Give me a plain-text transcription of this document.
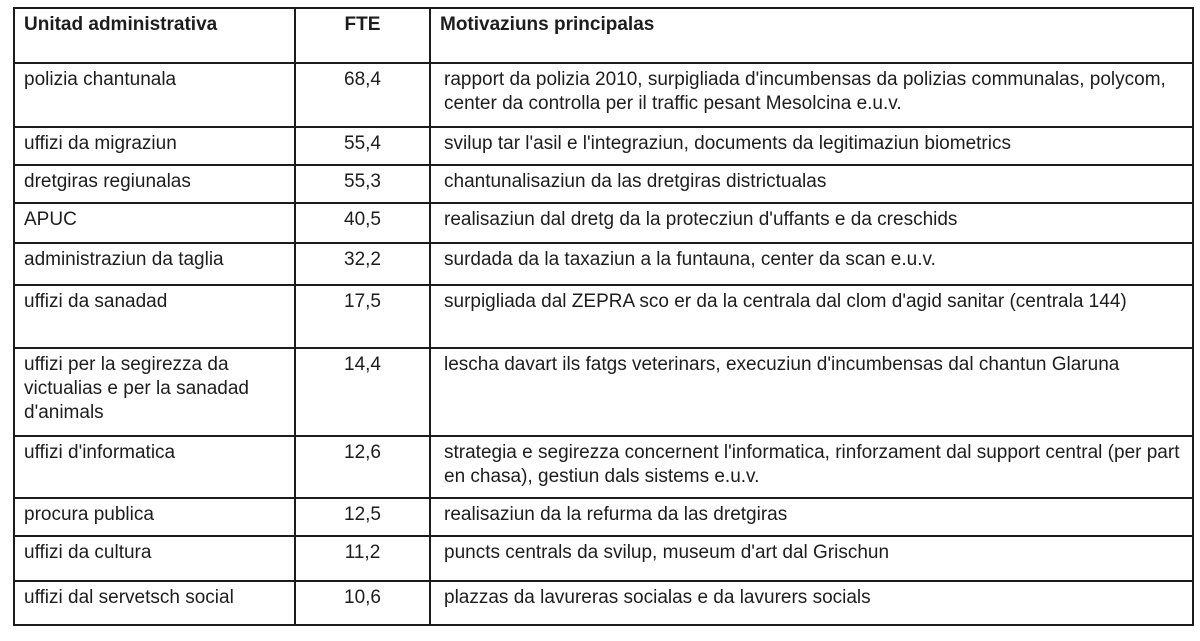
Unitad administrativa	FTE	Motivaziuns principalas
polizia chantunala	68,4	rapport da polizia 2010, surpigliada d'incumbensas da polizias communalas, polycom, center da controlla per il traffic pesant Mesolcina e.u.v.
uffizi da migraziun	55,4	svilup tar l'asil e l'integraziun, documents da legitimaziun biometrics
dretgiras regiunalas	55,3	chantunalisaziun da las dretgiras districtualas
APUC	40,5	realisaziun dal dretg da la protecziun d'uffants e da creschids
administraziun da taglia	32,2	surdada da la taxaziun a la funtauna, center da scan e.u.v.
uffizi da sanadad	17,5	surpigliada dal ZEPRA sco er da la centrala dal clom d'agid sanitar (centrala 144)
uffizi per la segirezza da victualias e per la sanadad d'animals	14,4	lescha davart ils fatgs veterinars, execuziun d'incumbensas dal chantun Glaruna
uffizi d'informatica	12,6	strategia e segirezza concernent l'informatica, rinforzament dal support central (per part en chasa), gestiun dals sistems e.u.v.
procura publica	12,5	realisaziun da la refurma da las dretgiras
uffizi da cultura	11,2	puncts centrals da svilup, museum d'art dal Grischun
uffizi dal servetsch social	10,6	plazzas da lavureras socialas e da lavurers socials
